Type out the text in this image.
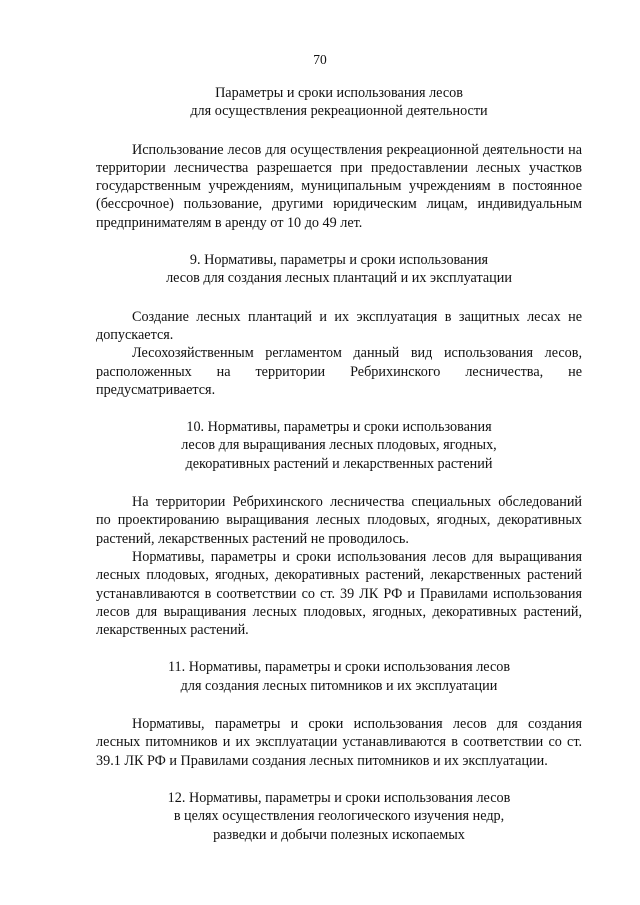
70
Параметры и сроки использования лесов
для осуществления рекреационной деятельности

Использование лесов для осуществления рекреационной деятельности на территории лесничества разрешается при предоставлении лесных участков государственным учреждениям, муниципальным учреждениям в постоянное (бессрочное) пользование, другими юридическим лицам, индивидуальным предпринимателям в аренду от 10 до 49 лет.

9. Нормативы, параметры и сроки использования
лесов для создания лесных плантаций и их эксплуатации

Создание лесных плантаций и их эксплуатация в защитных лесах не допускается.

Лесохозяйственным регламентом данный вид использования лесов, расположенных на территории Ребрихинского лесничества, не предусматривается.

10. Нормативы, параметры и сроки использования
лесов для выращивания лесных плодовых, ягодных,
декоративных растений и лекарственных растений

На территории Ребрихинского лесничества специальных обследований по проектированию выращивания лесных плодовых, ягодных, декоративных растений, лекарственных растений не проводилось.

Нормативы, параметры и сроки использования лесов для выращивания лесных плодовых, ягодных, декоративных растений, лекарственных растений устанавливаются в соответствии со ст. 39 ЛК РФ и Правилами использования лесов для выращивания лесных плодовых, ягодных, декоративных растений, лекарственных растений.

11. Нормативы, параметры и сроки использования лесов
для создания лесных питомников и их эксплуатации

Нормативы, параметры и сроки использования лесов для создания лесных питомников и их эксплуатации устанавливаются в соответствии со ст. 39.1 ЛК РФ и Правилами создания лесных питомников и их эксплуатации.

12. Нормативы, параметры и сроки использования лесов
в целях осуществления геологического изучения недр,
разведки и добычи полезных ископаемых
